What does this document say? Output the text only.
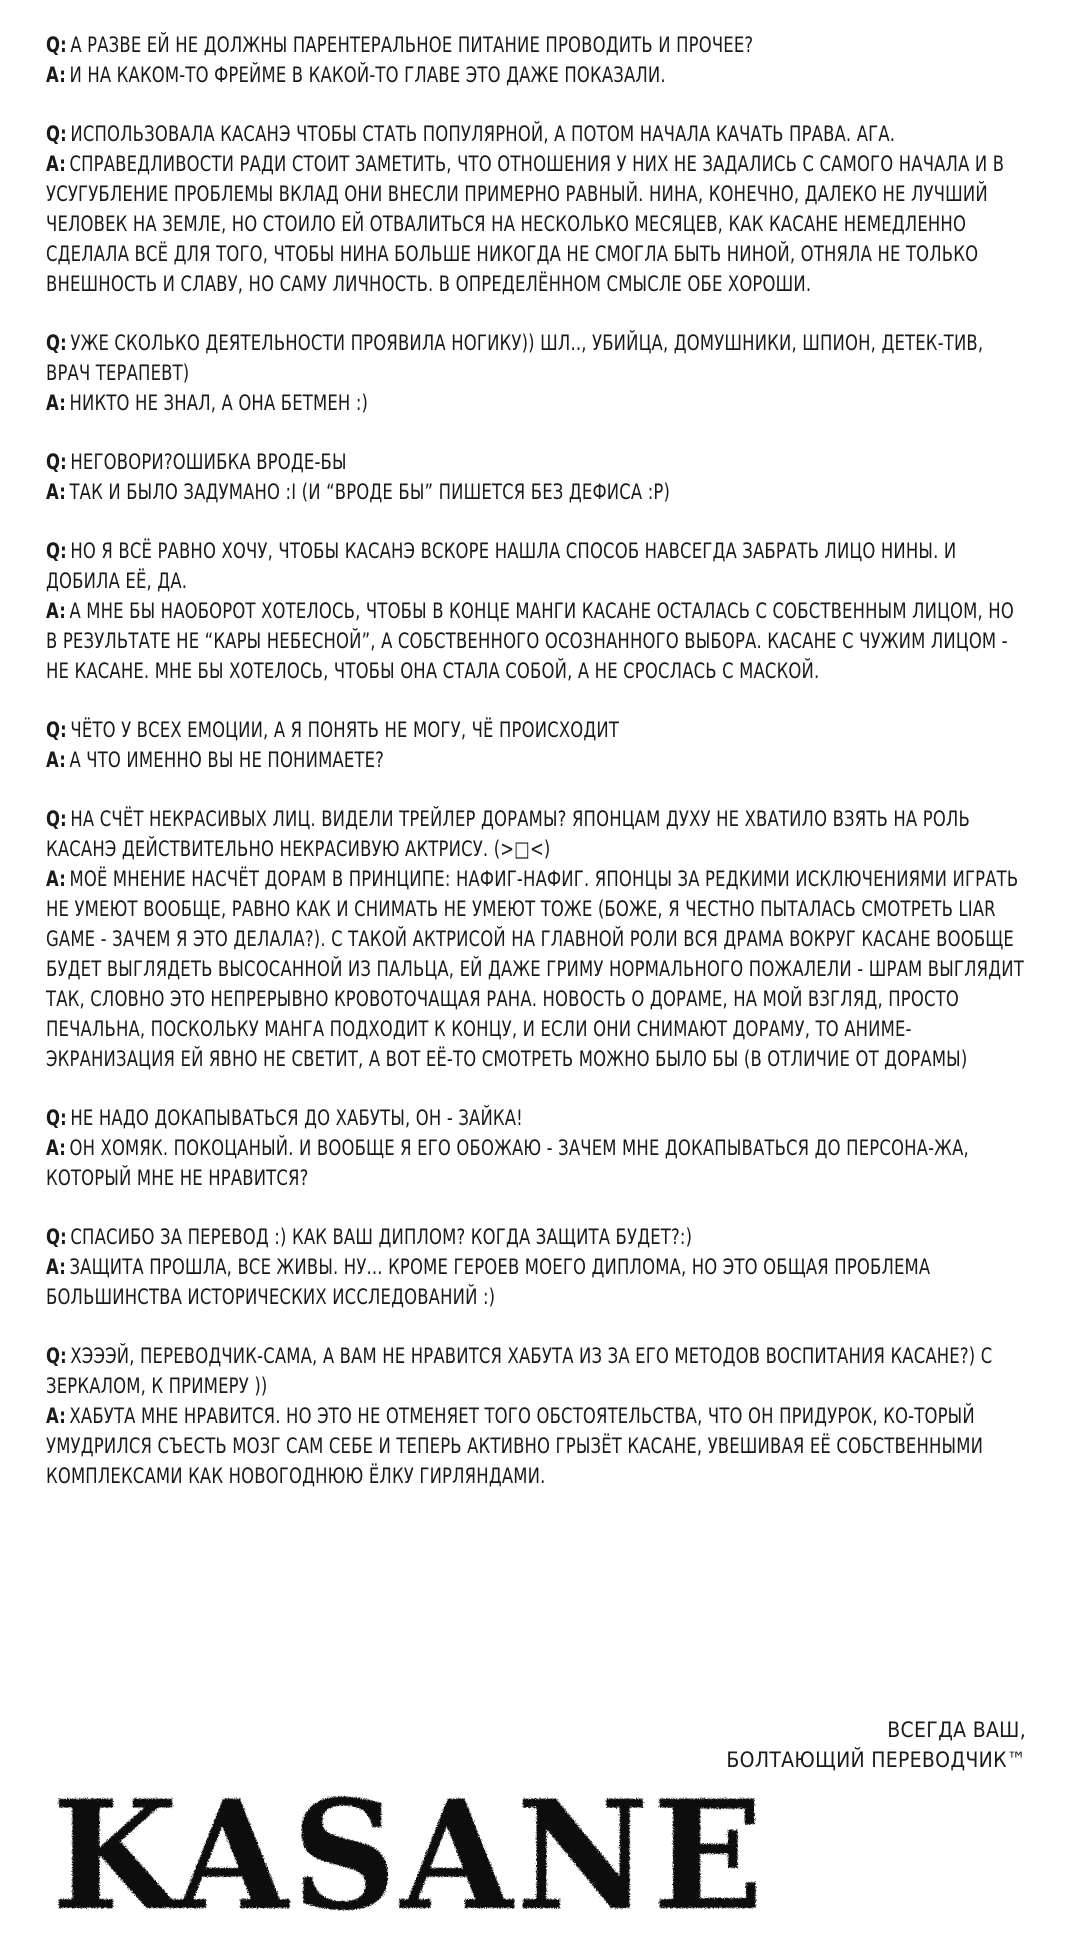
Q: А РАЗВЕ ЕЙ НЕ ДОЛЖНЫ ПАРЕНТЕРАЛЬНОЕ ПИТАНИЕ ПРОВОДИТЬ И ПРОЧЕЕ?
A: И НА КАКОМ-ТО ФРЕЙМЕ В КАКОЙ-ТО ГЛАВЕ ЭТО ДАЖЕ ПОКАЗАЛИ.
Q: ИСПОЛЬЗОВАЛА КАСАНЭ ЧТОБЫ СТАТЬ ПОПУЛЯРНОЙ, А ПОТОМ НАЧАЛА КАЧАТЬ ПРАВА. АГА.
A: СПРАВЕДЛИВОСТИ РАДИ СТОИТ ЗАМЕТИТЬ, ЧТО ОТНОШЕНИЯ У НИХ НЕ ЗАДАЛИСЬ С САМОГО НАЧАЛА И В УСУГУБЛЕНИЕ ПРОБЛЕМЫ ВКЛАД ОНИ ВНЕСЛИ ПРИМЕРНО РАВНЫЙ. НИНА, КОНЕЧНО, ДАЛЕКО НЕ ЛУЧШИЙ ЧЕЛОВЕК НА ЗЕМЛЕ, НО СТОИЛО ЕЙ ОТВАЛИТЬСЯ НА НЕСКОЛЬКО МЕСЯЦЕВ, КАК КАСАНЕ НЕМЕДЛЕННО СДЕЛАЛА ВСЁ ДЛЯ ТОГО, ЧТОБЫ НИНА БОЛЬШЕ НИКОГДА НЕ СМОГЛА БЫТЬ НИНОЙ, ОТНЯЛА НЕ ТОЛЬКО ВНЕШНОСТЬ И СЛАВУ, НО САМУ ЛИЧНОСТЬ. В ОПРЕДЕЛЁННОМ СМЫСЛЕ ОБЕ ХОРОШИ.
Q: УЖЕ СКОЛЬКО ДЕЯТЕЛЬНОСТИ ПРОЯВИЛА НОГИКУ)) ШЛ.., УБИЙЦА, ДОМУШНИКИ, ШПИОН, ДЕТЕК-ТИВ, ВРАЧ ТЕРАПЕВТ)
A: НИКТО НЕ ЗНАЛ, А ОНА БЕТМЕН :)
Q: НЕГОВОРИ?ОШИБКА ВРОДЕ-БЫ
A: ТАК И БЫЛО ЗАДУМАНО :I (И “ВРОДЕ БЫ” ПИШЕТСЯ БЕЗ ДЕФИСА :Р)
Q: НО Я ВСЁ РАВНО ХОЧУ, ЧТОБЫ КАСАНЭ ВСКОРЕ НАШЛА СПОСОБ НАВСЕГДА ЗАБРАТЬ ЛИЦО НИНЫ. И ДОБИЛА ЕЁ, ДА.
A: А МНЕ БЫ НАОБОРОТ ХОТЕЛОСЬ, ЧТОБЫ В КОНЦЕ МАНГИ КАСАНЕ ОСТАЛАСЬ С СОБСТВЕННЫМ ЛИЦОМ, НО В РЕЗУЛЬТАТЕ НЕ “КАРЫ НЕБЕСНОЙ”, А СОБСТВЕННОГО ОСОЗНАННОГО ВЫБОРА. КАСАНЕ С ЧУЖИМ ЛИЦОМ - НЕ КАСАНЕ. МНЕ БЫ ХОТЕЛОСЬ, ЧТОБЫ ОНА СТАЛА СОБОЙ, А НЕ СРОСЛАСЬ С МАСКОЙ.
Q: ЧЁТО У ВСЕХ ЕМОЦИИ, А Я ПОНЯТЬ НЕ МОГУ, ЧЁ ПРОИСХОДИТ
A: А ЧТО ИМЕННО ВЫ НЕ ПОНИМАЕТЕ?
Q: НА СЧЁТ НЕКРАСИВЫХ ЛИЦ. ВИДЕЛИ ТРЕЙЛЕР ДОРАМЫ? ЯПОНЦАМ ДУХУ НЕ ХВАТИЛО ВЗЯТЬ НА РОЛЬ КАСАНЭ ДЕЙСТВИТЕЛЬНО НЕКРАСИВУЮ АКТРИСУ. (>□<)
A: МОЁ МНЕНИЕ НАСЧЁТ ДОРАМ В ПРИНЦИПЕ: НАФИГ-НАФИГ. ЯПОНЦЫ ЗА РЕДКИМИ ИСКЛЮЧЕНИЯМИ ИГРАТЬ НЕ УМЕЮТ ВООБЩЕ, РАВНО КАК И СНИМАТЬ НЕ УМЕЮТ ТОЖЕ (БОЖЕ, Я ЧЕСТНО ПЫТАЛАСЬ СМОТРЕТЬ LIAR GAME - ЗАЧЕМ Я ЭТО ДЕЛАЛА?). С ТАКОЙ АКТРИСОЙ НА ГЛАВНОЙ РОЛИ ВСЯ ДРАМА ВОКРУГ КАСАНЕ ВООБЩЕ БУДЕТ ВЫГЛЯДЕТЬ ВЫСОСАННОЙ ИЗ ПАЛЬЦА, ЕЙ ДАЖЕ ГРИМУ НОРМАЛЬНОГО ПОЖАЛЕЛИ - ШРАМ ВЫГЛЯДИТ ТАК, СЛОВНО ЭТО НЕПРЕРЫВНО КРОВОТОЧАЩАЯ РАНА. НОВОСТЬ О ДОРАМЕ, НА МОЙ ВЗГЛЯД, ПРОСТО ПЕЧАЛЬНА, ПОСКОЛЬКУ МАНГА ПОДХОДИТ К КОНЦУ, И ЕСЛИ ОНИ СНИМАЮТ ДОРАМУ, ТО АНИМЕ-ЭКРАНИЗАЦИЯ ЕЙ ЯВНО НЕ СВЕТИТ, А ВОТ ЕЁ-ТО СМОТРЕТЬ МОЖНО БЫЛО БЫ (В ОТЛИЧИЕ ОТ ДОРАМЫ)
Q: НЕ НАДО ДОКАПЫВАТЬСЯ ДО ХАБУТЫ, ОН - ЗАЙКА!
A: ОН ХОМЯК. ПОКОЦАНЫЙ. И ВООБЩЕ Я ЕГО ОБОЖАЮ - ЗАЧЕМ МНЕ ДОКАПЫВАТЬСЯ ДО ПЕРСОНА-ЖА, КОТОРЫЙ МНЕ НЕ НРАВИТСЯ?
Q: СПАСИБО ЗА ПЕРЕВОД :) КАК ВАШ ДИПЛОМ? КОГДА ЗАЩИТА БУДЕТ?:)
A: ЗАЩИТА ПРОШЛА, ВСЕ ЖИВЫ. НУ... КРОМЕ ГЕРОЕВ МОЕГО ДИПЛОМА, НО ЭТО ОБЩАЯ ПРОБЛЕМА БОЛЬШИНСТВА ИСТОРИЧЕСКИХ ИССЛЕДОВАНИЙ :)
Q: ХЭЭЭЙ, ПЕРЕВОДЧИК-САМА, А ВАМ НЕ НРАВИТСЯ ХАБУТА ИЗ ЗА ЕГО МЕТОДОВ ВОСПИТАНИЯ КАСАНЕ?) С ЗЕРКАЛОМ, К ПРИМЕРУ ))
A: ХАБУТА МНЕ НРАВИТСЯ. НО ЭТО НЕ ОТМЕНЯЕТ ТОГО ОБСТОЯТЕЛЬСТВА, ЧТО ОН ПРИДУРОК, КО-ТОРЫЙ УМУДРИЛСЯ СЪЕСТЬ МОЗГ САМ СЕБЕ И ТЕПЕРЬ АКТИВНО ГРЫЗЁТ КАСАНЕ, УВЕШИВАЯ ЕЁ СОБСТВЕННЫМИ КОМПЛЕКСАМИ КАК НОВОГОДНЮЮ ЁЛКУ ГИРЛЯНДАМИ.
ВСЕГДА ВАШ,
БОЛТАЮЩИЙ ПЕРЕВОДЧИК™
KASANE
